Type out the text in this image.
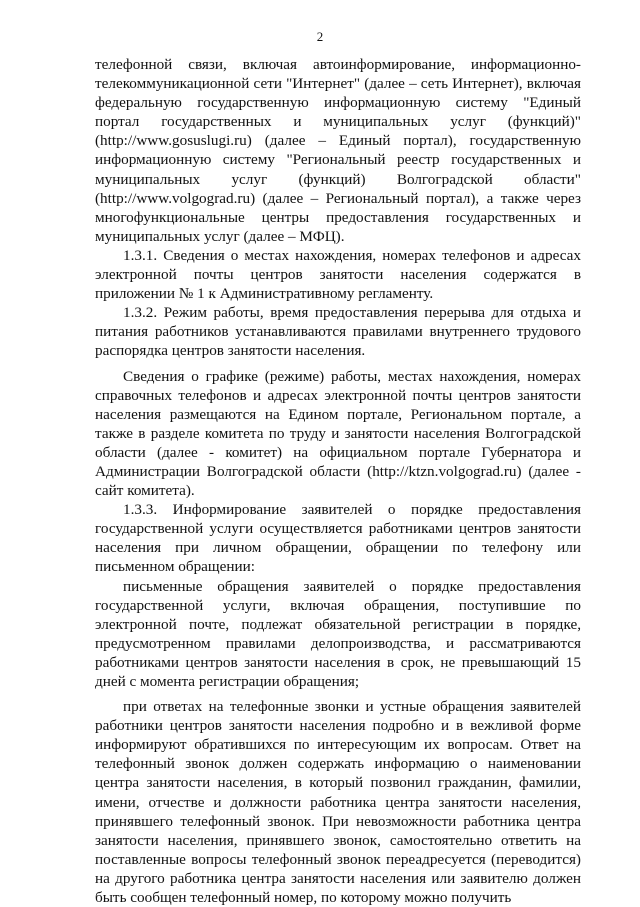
2

телефонной связи, включая автоинформирование, информационно-телекоммуникационной сети "Интернет" (далее – сеть Интернет), включая федеральную государственную информационную систему "Единый портал государственных и муниципальных услуг (функций)" (http://www.gosuslugi.ru) (далее – Единый портал), государственную информационную систему "Региональный реестр государственных и муниципальных услуг (функций) Волгоградской области" (http://www.volgograd.ru) (далее – Региональный портал), а также через многофункциональные центры предоставления государственных и муниципальных услуг (далее – МФЦ).

1.3.1. Сведения о местах нахождения, номерах телефонов и адресах электронной почты центров занятости населения содержатся в приложении № 1 к Административному регламенту.

1.3.2. Режим работы, время предоставления перерыва для отдыха и питания работников устанавливаются правилами внутреннего трудового распорядка центров занятости населения.

Сведения о графике (режиме) работы, местах нахождения, номерах справочных телефонов и адресах электронной почты центров занятости населения размещаются на Едином портале, Региональном портале, а также в разделе комитета по труду и занятости населения Волгоградской области (далее - комитет) на официальном портале Губернатора и Администрации Волгоградской области (http://ktzn.volgograd.ru) (далее - сайт комитета).

1.3.3. Информирование заявителей о порядке предоставления государственной услуги осуществляется работниками центров занятости населения при личном обращении, обращении по телефону или письменном обращении:

письменные обращения заявителей о порядке предоставления государственной услуги, включая обращения, поступившие по электронной почте, подлежат обязательной регистрации в порядке, предусмотренном правилами делопроизводства, и рассматриваются работниками центров занятости населения в срок, не превышающий 15 дней с момента регистрации обращения;

при ответах на телефонные звонки и устные обращения заявителей работники центров занятости населения подробно и в вежливой форме информируют обратившихся по интересующим их вопросам. Ответ на телефонный звонок должен содержать информацию о наименовании центра занятости населения, в который позвонил гражданин, фамилии, имени, отчестве и должности работника центра занятости населения, принявшего телефонный звонок. При невозможности работника центра занятости населения, принявшего звонок, самостоятельно ответить на поставленные вопросы телефонный звонок переадресуется (переводится) на другого работника центра занятости населения или заявителю должен быть сообщен телефонный номер, по которому можно получить
